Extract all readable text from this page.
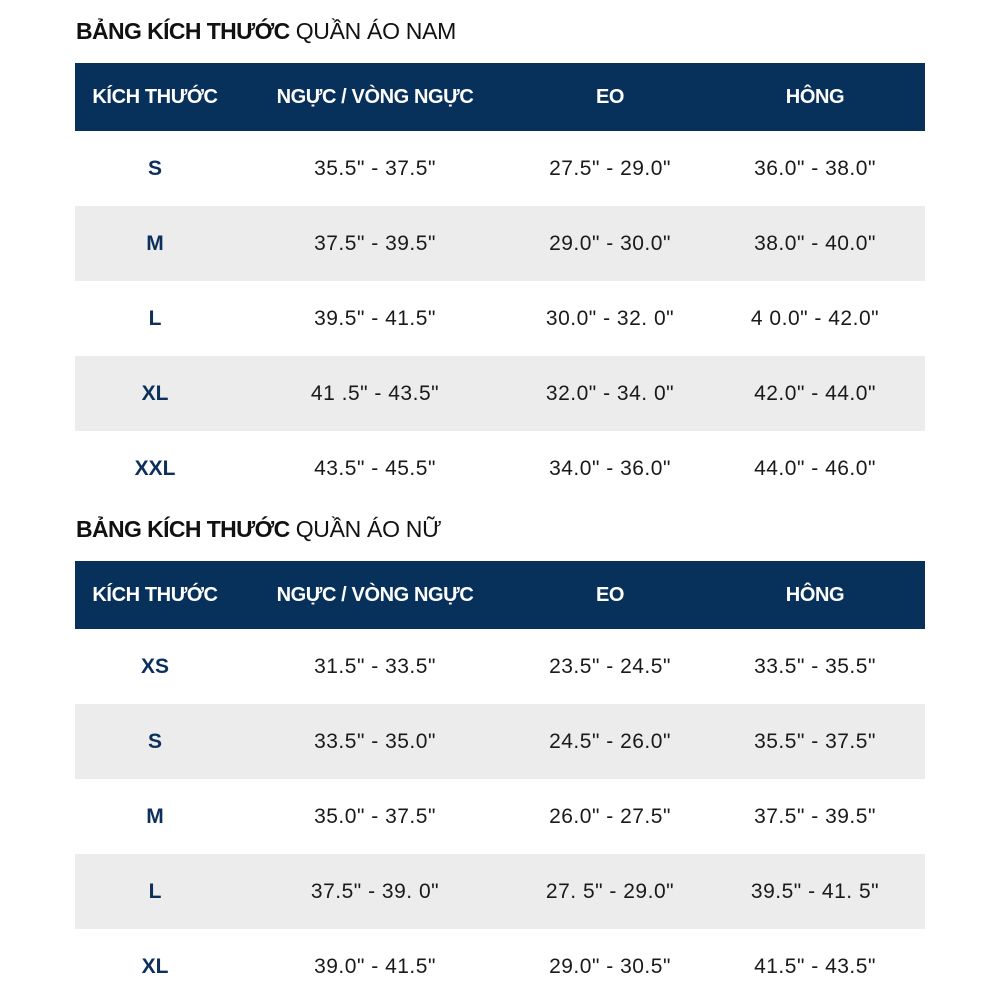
BẢNG KÍCH THƯỚC QUẦN ÁO NAM
KÍCH THƯỚC	NGỰC / VÒNG NGỰC	EO	HÔNG
S	35.5" - 37.5"	27.5" - 29.0"	36.0" - 38.0"
M	37.5" - 39.5"	29.0" - 30.0"	38.0" - 40.0"
L	39.5" - 41.5"	30.0" - 32. 0"	4 0.0" - 42.0"
XL	41 .5" - 43.5"	32.0" - 34. 0"	42.0" - 44.0"
XXL	43.5" - 45.5"	34.0" - 36.0"	44.0" - 46.0"
BẢNG KÍCH THƯỚC QUẦN ÁO NỮ
KÍCH THƯỚC	NGỰC / VÒNG NGỰC	EO	HÔNG
XS	31.5" - 33.5"	23.5" - 24.5"	33.5" - 35.5"
S	33.5" - 35.0"	24.5" - 26.0"	35.5" - 37.5"
M	35.0" - 37.5"	26.0" - 27.5"	37.5" - 39.5"
L	37.5" - 39. 0"	27. 5" - 29.0"	39.5" - 41. 5"
XL	39.0" - 41.5"	29.0" - 30.5"	41.5" - 43.5"
